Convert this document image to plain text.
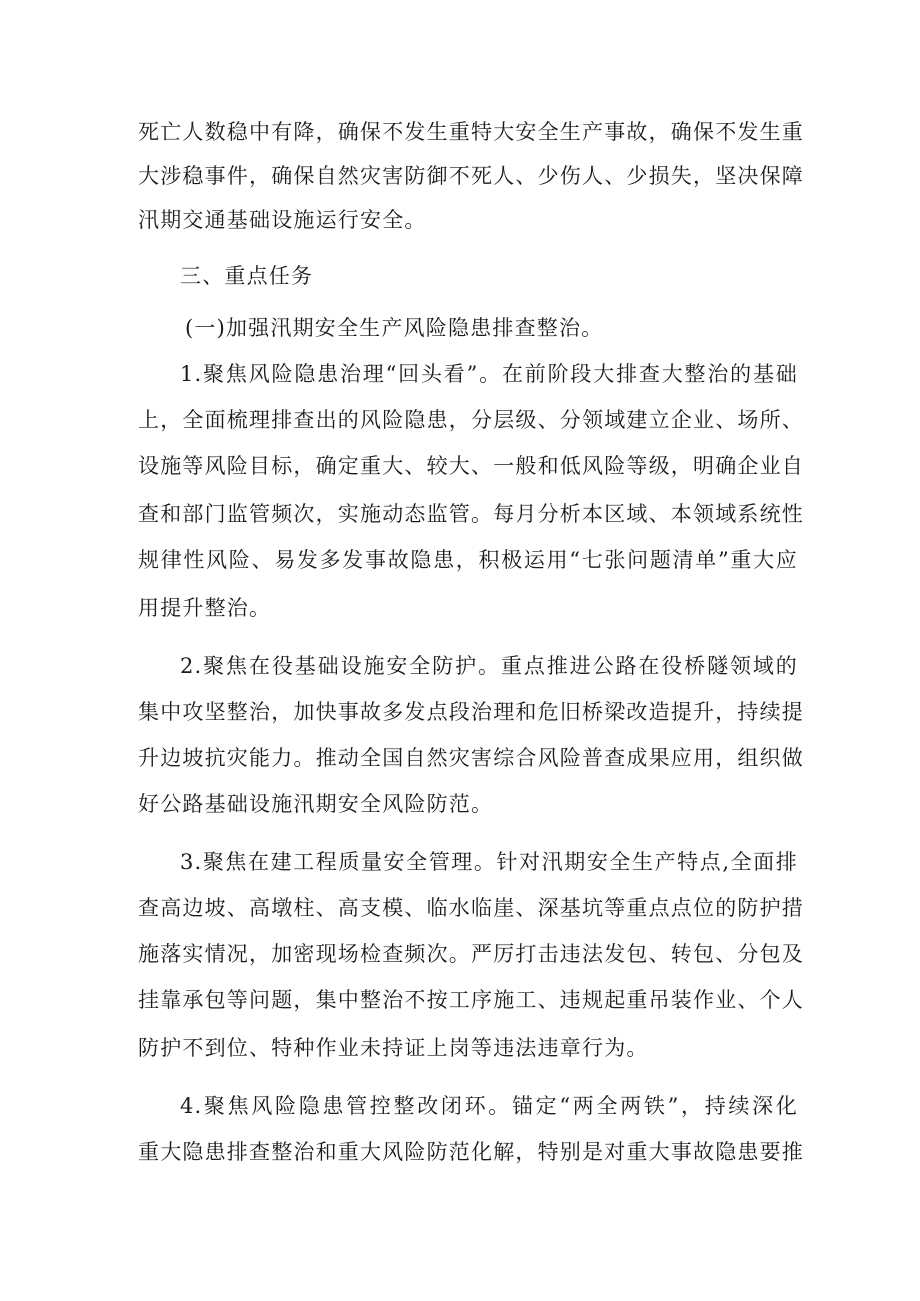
死亡人数稳中有降，确保不发生重特大安全生产事故，确保不发生重
大涉稳事件，确保自然灾害防御不死人、少伤人、少损失，坚决保障
汛期交通基础设施运行安全。
三、重点任务
(一)加强汛期安全生产风险隐患排查整治。
1.聚焦风险隐患治理“回头看”。在前阶段大排查大整治的基础
上，全面梳理排查出的风险隐患，分层级、分领域建立企业、场所、
设施等风险目标，确定重大、较大、一般和低风险等级，明确企业自
查和部门监管频次，实施动态监管。每月分析本区域、本领域系统性
规律性风险、易发多发事故隐患，积极运用“七张问题清单”重大应
用提升整治。
2.聚焦在役基础设施安全防护。重点推进公路在役桥隧领域的
集中攻坚整治，加快事故多发点段治理和危旧桥梁改造提升，持续提
升边坡抗灾能力。推动全国自然灾害综合风险普查成果应用，组织做
好公路基础设施汛期安全风险防范。
3.聚焦在建工程质量安全管理。针对汛期安全生产特点,全面排
查高边坡、高墩柱、高支模、临水临崖、深基坑等重点点位的防护措
施落实情况，加密现场检查频次。严厉打击违法发包、转包、分包及
挂靠承包等问题，集中整治不按工序施工、违规起重吊装作业、个人
防护不到位、特种作业未持证上岗等违法违章行为。
4.聚焦风险隐患管控整改闭环。锚定“两全两铁”，持续深化
重大隐患排查整治和重大风险防范化解，特别是对重大事故隐患要推
